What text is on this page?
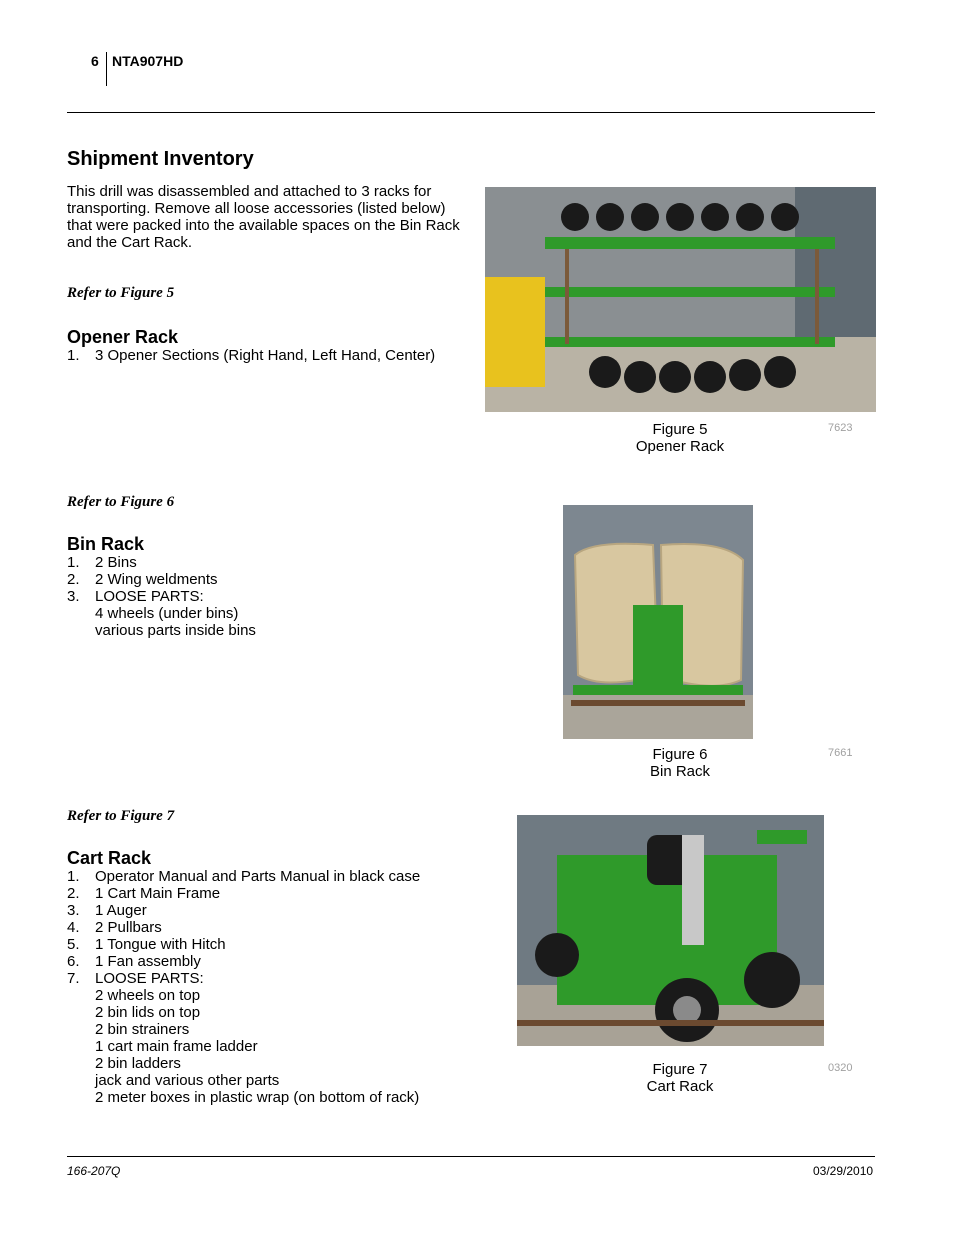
6 NTA907HD
Shipment Inventory
This drill was disassembled and attached to 3 racks for transporting. Remove all loose accessories (listed below) that were packed into the available spaces on the Bin Rack and the Cart Rack.
Refer to Figure 5
Opener Rack
1. 3 Opener Sections (Right Hand, Left Hand, Center)
Figure 5
Opener Rack
7623
Refer to Figure 6
Bin Rack
1. 2 Bins
2. 2 Wing weldments
3. LOOSE PARTS:
4 wheels (under bins)
various parts inside bins
Figure 6
Bin Rack
7661
Refer to Figure 7
Cart Rack
1. Operator Manual and Parts Manual in black case
2. 1 Cart Main Frame
3. 1 Auger
4. 2 Pullbars
5. 1 Tongue with Hitch
6. 1 Fan assembly
7. LOOSE PARTS:
2 wheels on top
2 bin lids on top
2 bin strainers
1 cart main frame ladder
2 bin ladders
jack and various other parts
2 meter boxes in plastic wrap (on bottom of rack)
Figure 7
Cart Rack
0320
166-207Q	03/29/2010
